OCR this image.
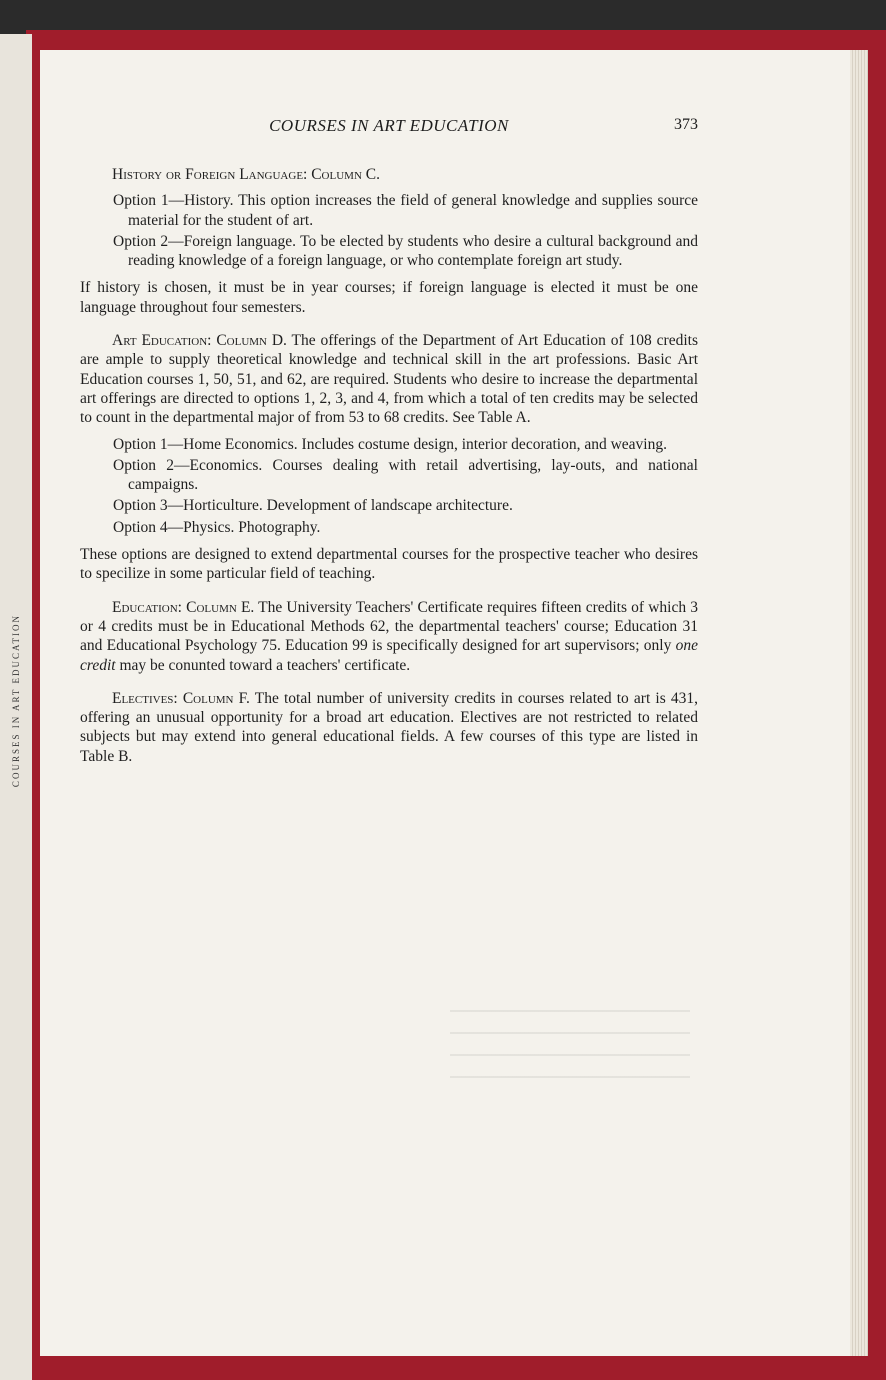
COURSES IN ART EDUCATION
COURSES IN ART EDUCATION	373

History or Foreign Language: Column C.

Option 1—History. This option increases the field of general knowledge and supplies source material for the student of art.

Option 2—Foreign language. To be elected by students who desire a cultural background and reading knowledge of a foreign language, or who contemplate foreign art study.

If history is chosen, it must be in year courses; if foreign language is elected it must be one language throughout four semesters.

Art Education: Column D. The offerings of the Department of Art Education of 108 credits are ample to supply theoretical knowledge and technical skill in the art professions. Basic Art Education courses 1, 50, 51, and 62, are required. Students who desire to increase the departmental art offerings are directed to options 1, 2, 3, and 4, from which a total of ten credits may be selected to count in the departmental major of from 53 to 68 credits. See Table A.

Option 1—Home Economics. Includes costume design, interior decoration, and weaving.

Option 2—Economics. Courses dealing with retail advertising, lay-outs, and national campaigns.

Option 3—Horticulture. Development of landscape architecture.

Option 4—Physics. Photography.

These options are designed to extend departmental courses for the prospective teacher who desires to specilize in some particular field of teaching.

Education: Column E. The University Teachers' Certificate requires fifteen credits of which 3 or 4 credits must be in Educational Methods 62, the departmental teachers' course; Education 31 and Educational Psychology 75. Education 99 is specifically designed for art supervisors; only one credit may be conunted toward a teachers' certificate.

Electives: Column F. The total number of university credits in courses related to art is 431, offering an unusual opportunity for a broad art education. Electives are not restricted to related subjects but may extend into general educational fields. A few courses of this type are listed in Table B.
